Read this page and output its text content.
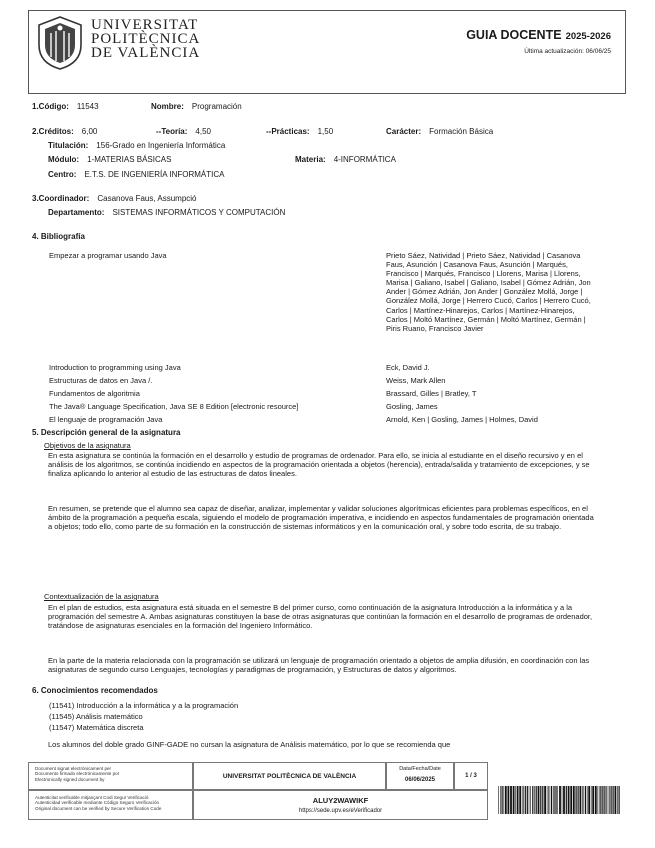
UNIVERSITAT
POLITÈCNICA
DE VALÈNCIA
GUIA DOCENTE 2025-2026
Última actualización: 06/06/25
1.Código: 11543	Nombre: Programación
2.Créditos: 6,00	--Teoría: 4,50	--Prácticas: 1,50	Carácter: Formación Básica
Titulación: 156-Grado en Ingeniería Informática
Módulo: 1-MATERIAS BÁSICAS	Materia: 4-INFORMÁTICA
Centro: E.T.S. DE INGENIERÍA INFORMÁTICA
3.Coordinador: Casanova Faus, Assumpció
Departamento: SISTEMAS INFORMÁTICOS Y COMPUTACIÓN
4. Bibliografía
Empezar a programar usando Java	Prieto Sáez, Natividad | Prieto Sáez, Natividad | Casanova Faus, Asunción | Casanova Faus, Asunción | Marqués, Francisco | Marqués, Francisco | Llorens, Marisa | Llorens, Marisa | Galiano, Isabel | Galiano, Isabel | Gómez Adrián, Jon Ander | Gómez Adrián, Jon Ander | González Mollá, Jorge | González Mollá, Jorge | Herrero Cucó, Carlos | Herrero Cucó, Carlos | Martínez-Hinarejos, Carlos | Martínez-Hinarejos, Carlos | Moltó Martínez, Germán | Moltó Martínez, Germán | Piris Ruano, Francisco Javier
Introduction to programming using Java	Eck, David J.
Estructuras de datos en Java /.	Weiss, Mark Allen
Fundamentos de algoritmia	Brassard, Gilles | Bratley, T
The Java® Language Specification, Java SE 8 Edition [electronic resource]	Gosling, James
El lenguaje de programación Java	Arnold, Ken | Gosling, James | Holmes, David
5. Descripción general de la asignatura
Objetivos de la asignatura
En esta asignatura se continúa la formación en el desarrollo y estudio de programas de ordenador. Para ello, se inicia al estudiante en el diseño recursivo y en el análisis de los algoritmos, se continúa incidiendo en aspectos de la programación orientada a objetos (herencia), entrada/salida y tratamiento de excepciones, y se finaliza aplicando lo anterior al estudio de las estructuras de datos lineales.
En resumen, se pretende que el alumno sea capaz de diseñar, analizar, implementar y validar soluciones algorítmicas eficientes para problemas específicos, en el ámbito de la programación a pequeña escala, siguiendo el modelo de programación imperativa, e incidiendo en aspectos fundamentales de programación orientada a objetos; todo ello, como parte de su formación en la construcción de sistemas informáticos y en la comunicación oral, y sobre todo escrita, de su trabajo.
Contextualización de la asignatura
En el plan de estudios, esta asignatura está situada en el semestre B del primer curso, como continuación de la asignatura Introducción a la informática y a la programación del semestre A. Ambas asignaturas constituyen la base de otras asignaturas que continúan la formación en el desarrollo de programas de ordenador, tratándose de asignaturas esenciales en la formación del Ingeniero Informático.
En la parte de la materia relacionada con la programación se utilizará un lenguaje de programación orientado a objetos de amplia difusión, en coordinación con las asignaturas de segundo curso Lenguajes, tecnologías y paradigmas de programación, y Estructuras de datos y algoritmos.
6. Conocimientos recomendados
(11541) Introducción a la informática y a la programación
(11545) Análisis matemático
(11547) Matemática discreta
Los alumnos del doble grado GINF-GADE no cursan la asignatura de Análisis matemático, por lo que se recomienda que
Document signat electrònicament per
Documento firmado electrónicamente por
Electronically signed document by	UNIVERSITAT POLITÈCNICA DE VALÈNCIA
Data/Fecha/Date
06/06/2025
1 / 3
Autenticitat verificable mitjançant Codi Segur Verificació
Autenticidad verificable mediante Código Seguro Verificación
Original document can be verified by Secure Verification Code
ALUY2WAWIKF
https://sede.upv.es/eVerificador
